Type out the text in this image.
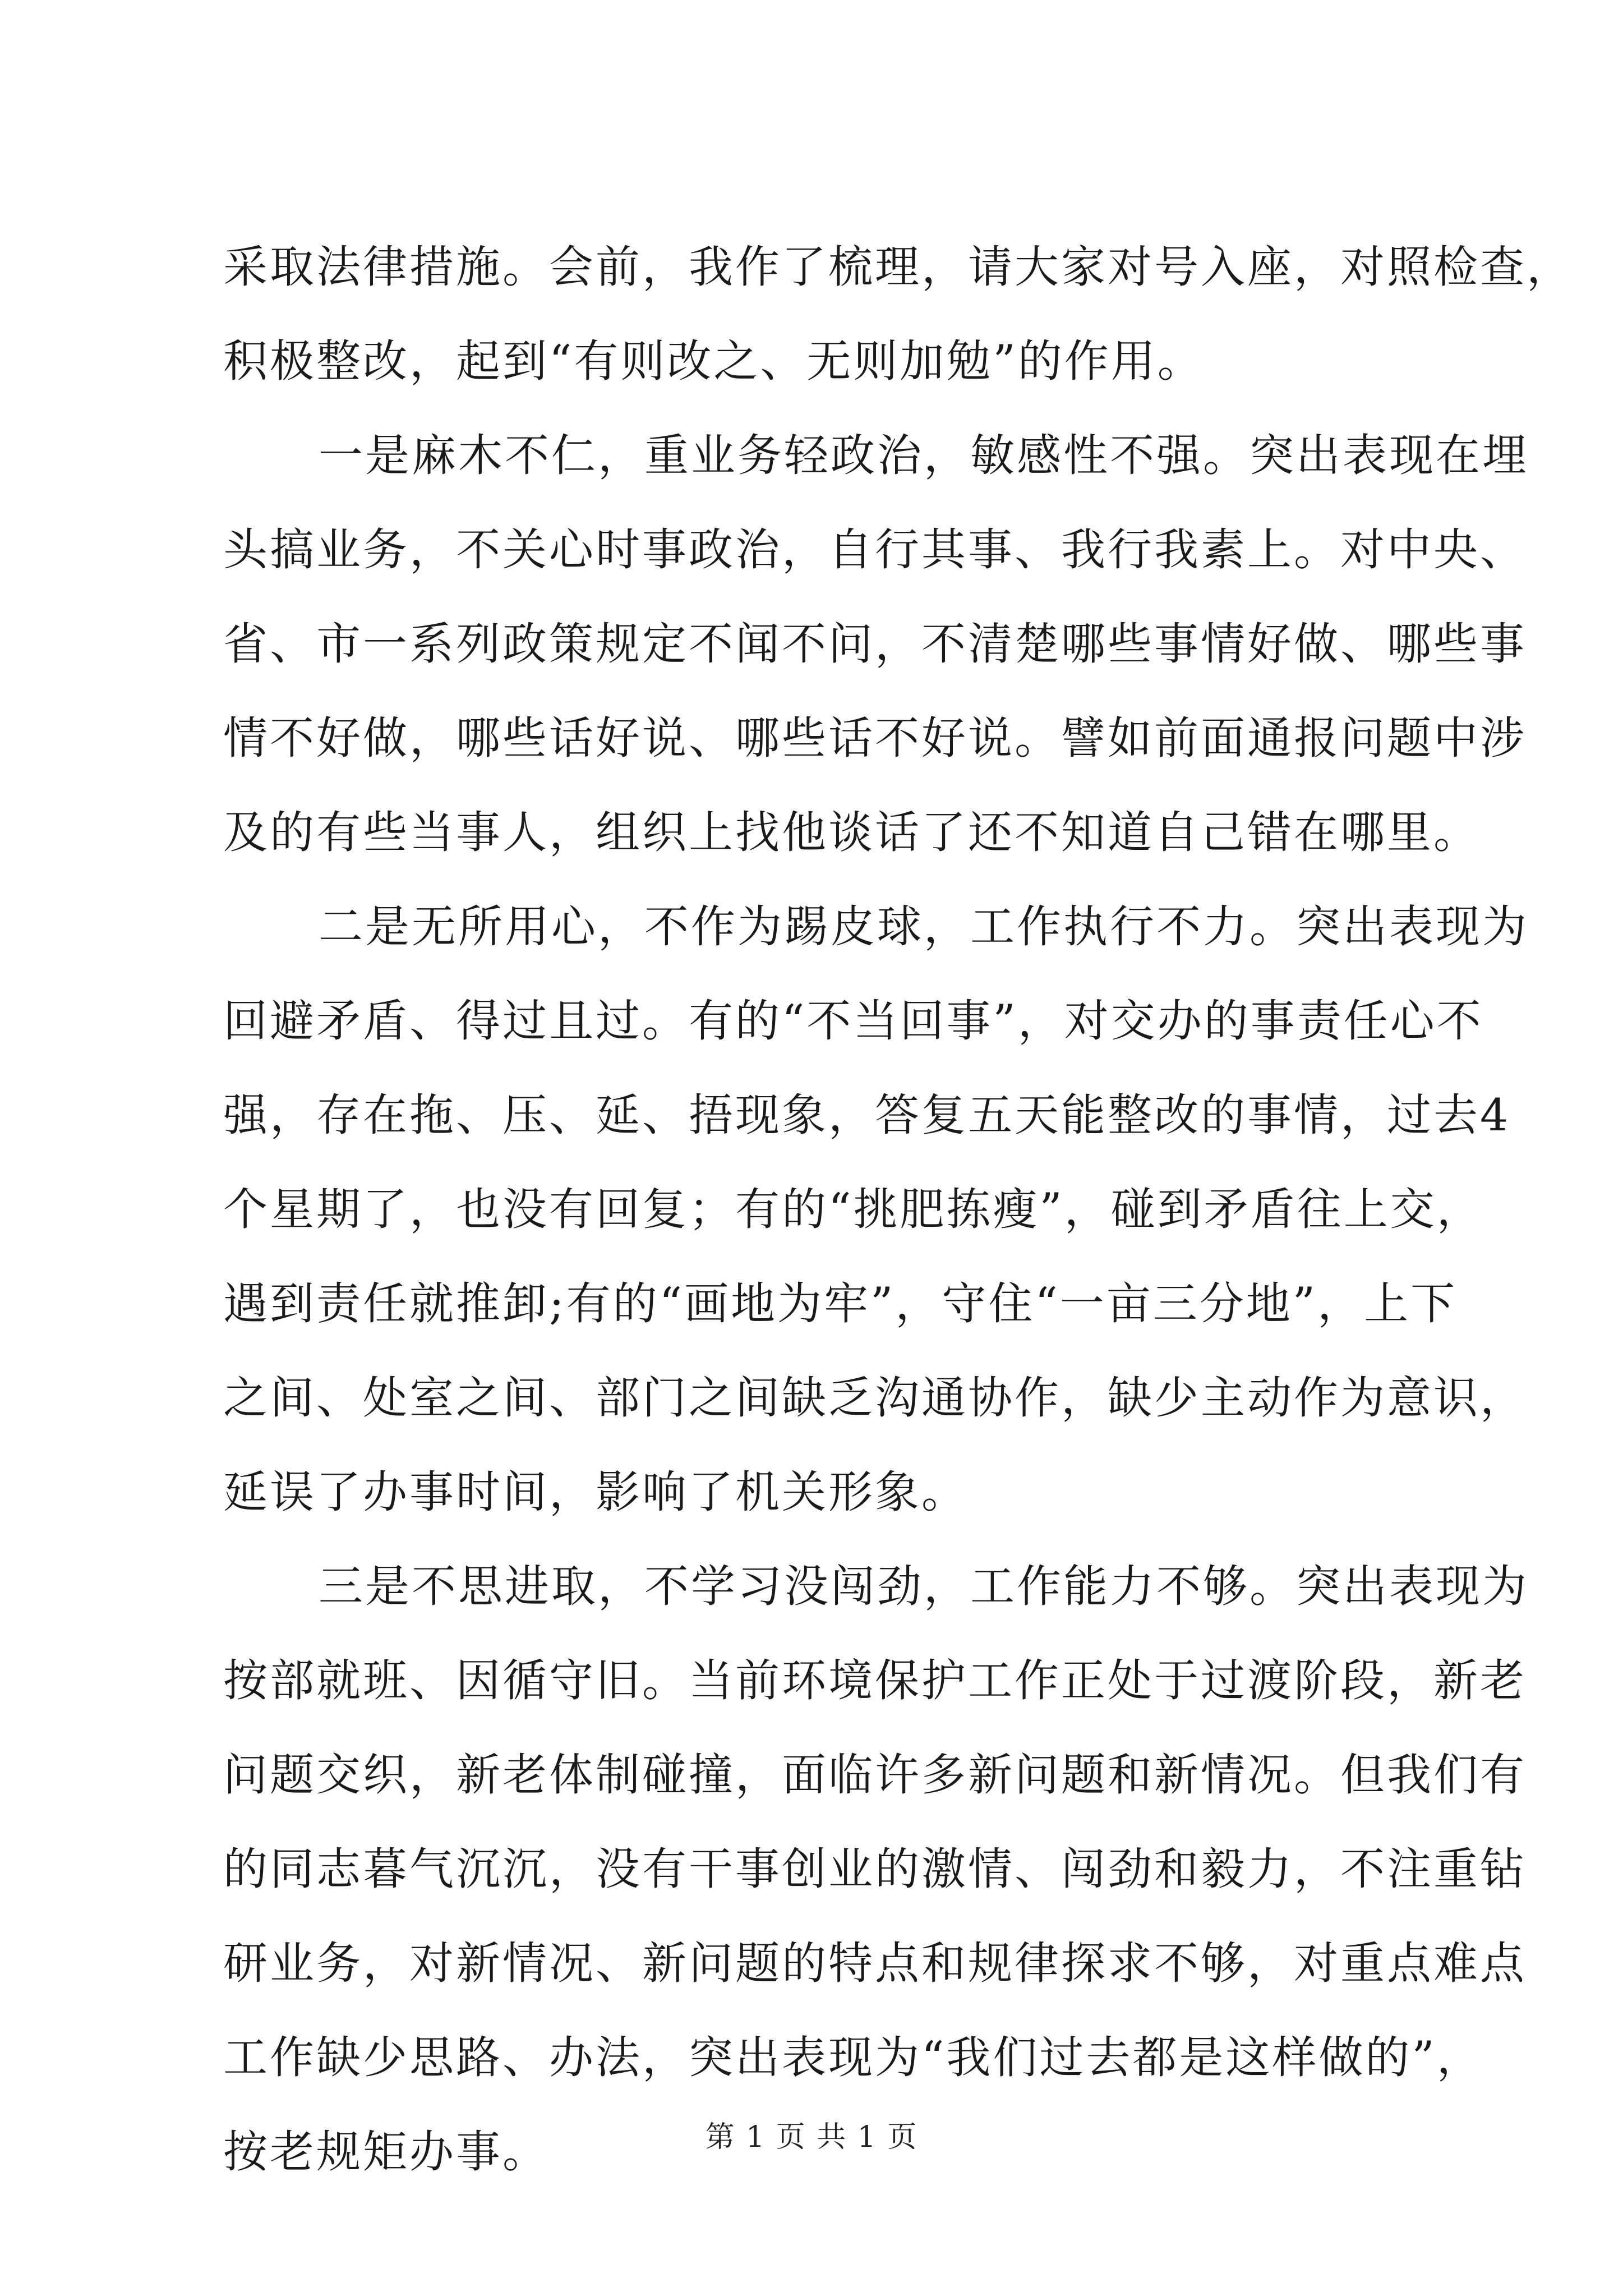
采取法律措施。会前，我作了梳理，请大家对号入座，对照检查，
积极整改，起到“有则改之、无则加勉”的作用。
一是麻木不仁，重业务轻政治，敏感性不强。突出表现在埋
头搞业务，不关心时事政治，自行其事、我行我素上。对中央、
省、市一系列政策规定不闻不问，不清楚哪些事情好做、哪些事
情不好做，哪些话好说、哪些话不好说。譬如前面通报问题中涉
及的有些当事人，组织上找他谈话了还不知道自己错在哪里。
二是无所用心，不作为踢皮球，工作执行不力。突出表现为
回避矛盾、得过且过。有的“不当回事”，对交办的事责任心不
强，存在拖、压、延、捂现象，答复五天能整改的事情，过去4
个星期了，也没有回复；有的“挑肥拣瘦”，碰到矛盾往上交，
遇到责任就推卸;有的“画地为牢”，守住“一亩三分地”，上下
之间、处室之间、部门之间缺乏沟通协作，缺少主动作为意识，
延误了办事时间，影响了机关形象。
三是不思进取，不学习没闯劲，工作能力不够。突出表现为
按部就班、因循守旧。当前环境保护工作正处于过渡阶段，新老
问题交织，新老体制碰撞，面临许多新问题和新情况。但我们有
的同志暮气沉沉，没有干事创业的激情、闯劲和毅力，不注重钻
研业务，对新情况、新问题的特点和规律探求不够，对重点难点
工作缺少思路、办法，突出表现为“我们过去都是这样做的”，
按老规矩办事。	第 1 页 共 1 页
